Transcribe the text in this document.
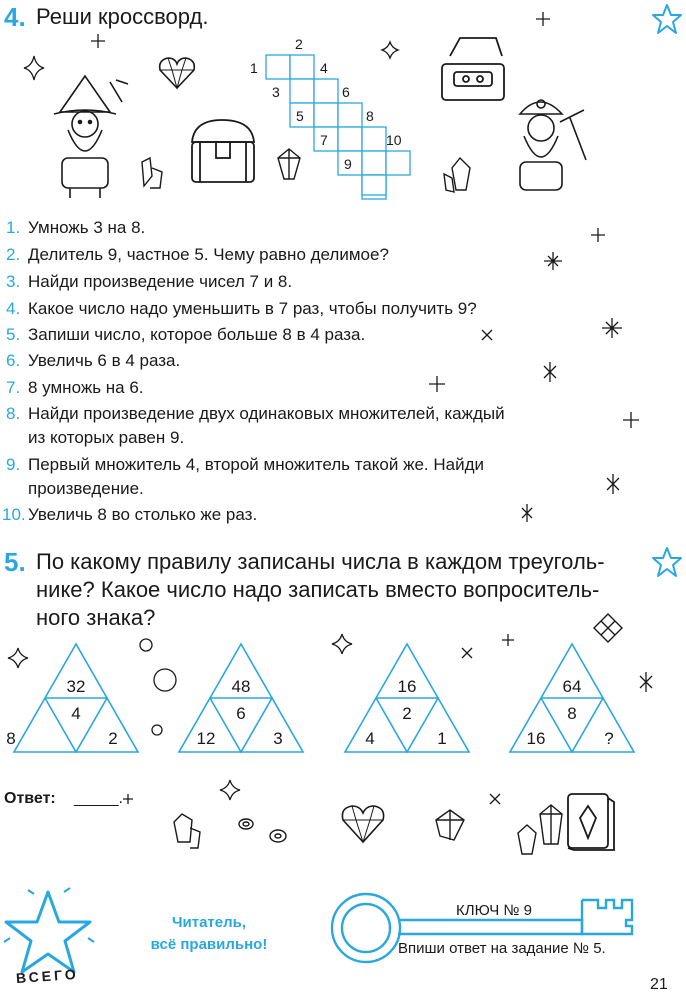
4. Реши кроссворд.
2
1	4
3	6
5	8
7	10
9
1. Умножь 3 на 8.
2. Делитель 9, частное 5. Чему равно делимое?
3. Найди произведение чисел 7 и 8.
4. Какое число надо уменьшить в 7 раз, чтобы получить 9?
5. Запиши число, которое больше 8 в 4 раза.
6. Увеличь 6 в 4 раза.
7. 8 умножь на 6.
8. Найди произведение двух одинаковых множителей, каждый
из которых равен 9.
9. Первый множитель 4, второй множитель такой же. Найди
произведение.
10. Увеличь 8 во столько же раз.
5. По какому правилу записаны числа в каждом треуголь-
нике? Какое число надо записать вместо вопроситель-
ного знака?
32
4
8	2
48
6
12	3
16
2
4	1
64
8
16	?
Ответ: _____.
ВСЕГО
Читатель,
всё правильно!
КЛЮЧ № 9
Впиши ответ на задание № 5.
21
